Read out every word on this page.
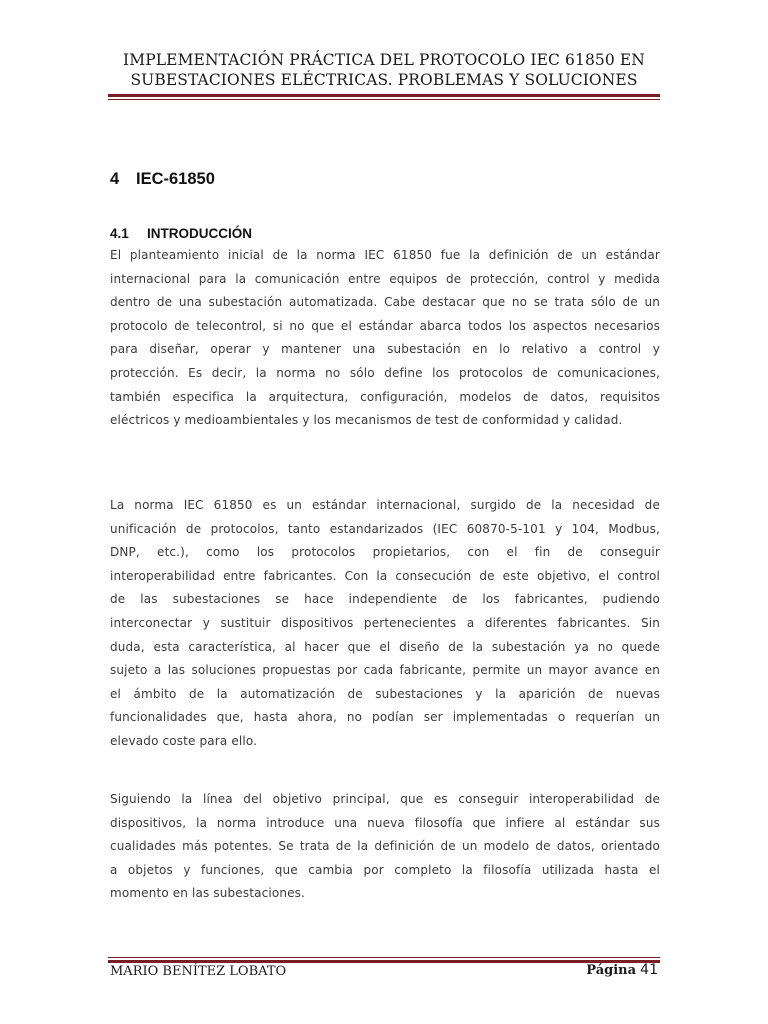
IMPLEMENTACIÓN PRÁCTICA DEL PROTOCOLO IEC 61850 EN
SUBESTACIONES ELÉCTRICAS. PROBLEMAS Y SOLUCIONES
4 IEC-61850
4.1 INTRODUCCIÓN
El planteamiento inicial de la norma IEC 61850 fue la definición de un estándar
internacional para la comunicación entre equipos de protección, control y medida
dentro de una subestación automatizada. Cabe destacar que no se trata sólo de un
protocolo de telecontrol, si no que el estándar abarca todos los aspectos necesarios
para diseñar, operar y mantener una subestación en lo relativo a control y
protección. Es decir, la norma no sólo define los protocolos de comunicaciones,
también especifica la arquitectura, configuración, modelos de datos, requisitos
eléctricos y medioambientales y los mecanismos de test de conformidad y calidad.
La norma IEC 61850 es un estándar internacional, surgido de la necesidad de
unificación de protocolos, tanto estandarizados (IEC 60870-5-101 y 104, Modbus,
DNP, etc.), como los protocolos propietarios, con el fin de conseguir
interoperabilidad entre fabricantes. Con la consecución de este objetivo, el control
de las subestaciones se hace independiente de los fabricantes, pudiendo
interconectar y sustituir dispositivos pertenecientes a diferentes fabricantes. Sin
duda, esta característica, al hacer que el diseño de la subestación ya no quede
sujeto a las soluciones propuestas por cada fabricante, permite un mayor avance en
el ámbito de la automatización de subestaciones y la aparición de nuevas
funcionalidades que, hasta ahora, no podían ser implementadas o requerían un
elevado coste para ello.
Siguiendo la línea del objetivo principal, que es conseguir interoperabilidad de
dispositivos, la norma introduce una nueva filosofía que infiere al estándar sus
cualidades más potentes. Se trata de la definición de un modelo de datos, orientado
a objetos y funciones, que cambia por completo la filosofía utilizada hasta el
momento en las subestaciones.
MARIO BENÍTEZ LOBATO	Página 41
